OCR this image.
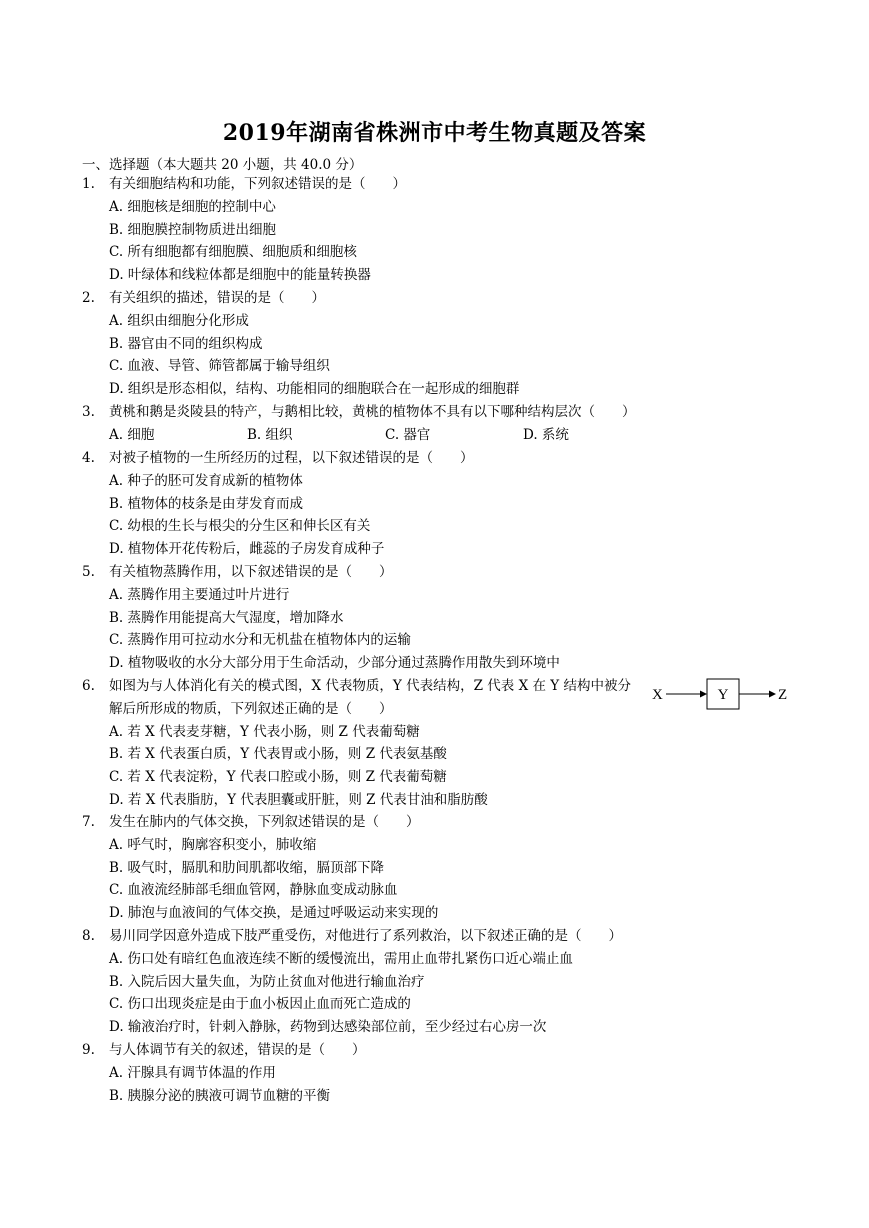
2019年湖南省株洲市中考生物真题及答案
一、选择题（本大题共 20 小题，共 40.0 分）
1. 有关细胞结构和功能，下列叙述错误的是（　　）
A. 细胞核是细胞的控制中心
B. 细胞膜控制物质进出细胞
C. 所有细胞都有细胞膜、细胞质和细胞核
D. 叶绿体和线粒体都是细胞中的能量转换器
2. 有关组织的描述，错误的是（　　）
A. 组织由细胞分化形成
B. 器官由不同的组织构成
C. 血液、导管、筛管都属于输导组织
D. 组织是形态相似，结构、功能相同的细胞联合在一起形成的细胞群
3. 黄桃和鹅是炎陵县的特产，与鹅相比较，黄桃的植物体不具有以下哪种结构层次（　　）
A. 细胞	B. 组织	C. 器官	D. 系统
4. 对被子植物的一生所经历的过程，以下叙述错误的是（　　）
A. 种子的胚可发育成新的植物体
B. 植物体的枝条是由芽发育而成
C. 幼根的生长与根尖的分生区和伸长区有关
D. 植物体开花传粉后，雌蕊的子房发育成种子
5. 有关植物蒸腾作用，以下叙述错误的是（　　）
A. 蒸腾作用主要通过叶片进行
B. 蒸腾作用能提高大气湿度，增加降水
C. 蒸腾作用可拉动水分和无机盐在植物体内的运输
D. 植物吸收的水分大部分用于生命活动，少部分通过蒸腾作用散失到环境中
6. 如图为与人体消化有关的模式图，X 代表物质，Y 代表结构，Z 代表 X 在 Y 结构中被分解后所形成的物质，下列叙述正确的是（　　）
A. 若 X 代表麦芽糖，Y 代表小肠，则 Z 代表葡萄糖
B. 若 X 代表蛋白质，Y 代表胃或小肠，则 Z 代表氨基酸
C. 若 X 代表淀粉，Y 代表口腔或小肠，则 Z 代表葡萄糖
D. 若 X 代表脂肪，Y 代表胆囊或肝脏，则 Z 代表甘油和脂肪酸
X	Y	Z
7. 发生在肺内的气体交换，下列叙述错误的是（　　）
A. 呼气时，胸廓容积变小，肺收缩
B. 吸气时，膈肌和肋间肌都收缩，膈顶部下降
C. 血液流经肺部毛细血管网，静脉血变成动脉血
D. 肺泡与血液间的气体交换，是通过呼吸运动来实现的
8. 易川同学因意外造成下肢严重受伤，对他进行了系列救治，以下叙述正确的是（　　）
A. 伤口处有暗红色血液连续不断的缓慢流出，需用止血带扎紧伤口近心端止血
B. 入院后因大量失血，为防止贫血对他进行输血治疗
C. 伤口出现炎症是由于血小板因止血而死亡造成的
D. 输液治疗时，针刺入静脉，药物到达感染部位前，至少经过右心房一次
9. 与人体调节有关的叙述，错误的是（　　）
A. 汗腺具有调节体温的作用
B. 胰腺分泌的胰液可调节血糖的平衡
